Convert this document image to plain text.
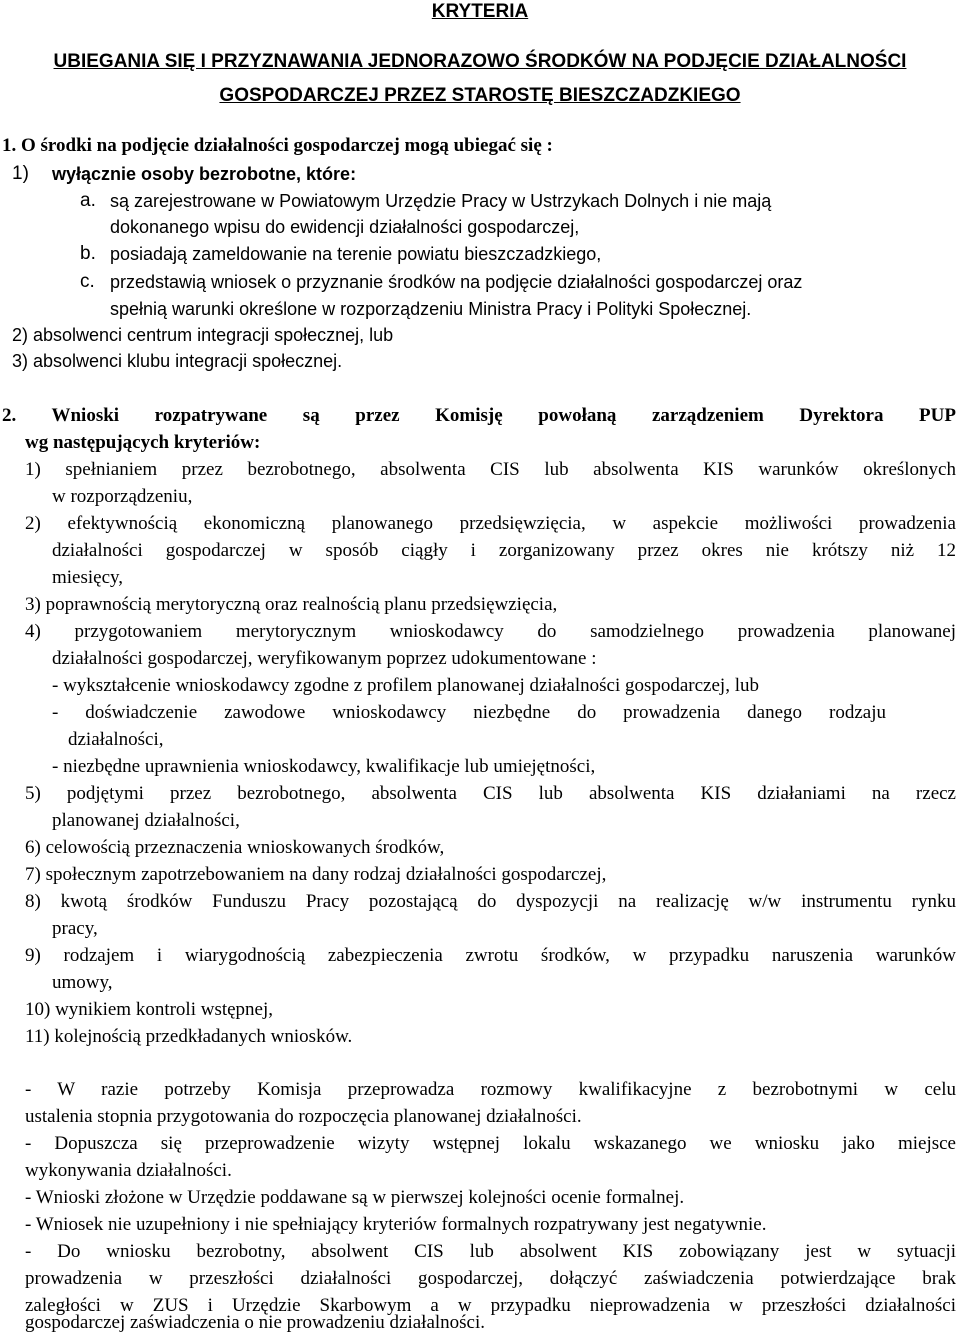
KRYTERIA
UBIEGANIA SIĘ I PRZYZNAWANIA JEDNORAZOWO ŚRODKÓW NA PODJĘCIE DZIAŁALNOŚCI
GOSPODARCZEJ PRZEZ STAROSTĘ BIESZCZADZKIEGO
1. O środki na podjęcie działalności gospodarczej mogą ubiegać się :
1) wyłącznie osoby bezrobotne, które:
a. są zarejestrowane w Powiatowym Urzędzie Pracy w Ustrzykach Dolnych i nie mają
dokonanego wpisu do ewidencji działalności gospodarczej,
b. posiadają zameldowanie na terenie powiatu bieszczadzkiego,
c. przedstawią wniosek o przyznanie środków na podjęcie działalności gospodarczej oraz
spełnią warunki określone w rozporządzeniu Ministra Pracy i Polityki Społecznej.
2) absolwenci centrum integracji społecznej, lub
3) absolwenci klubu integracji społecznej.
2. Wnioski rozpatrywane są przez Komisję powołaną zarządzeniem Dyrektora PUP
wg następujących kryteriów:
1) spełnianiem przez bezrobotnego, absolwenta CIS lub absolwenta KIS warunków określonych
w rozporządzeniu,
2) efektywnością ekonomiczną planowanego przedsięwzięcia, w aspekcie możliwości prowadzenia
działalności gospodarczej w sposób ciągły i zorganizowany przez okres nie krótszy niż 12
miesięcy,
3) poprawnością merytoryczną oraz realnością planu przedsięwzięcia,
4) przygotowaniem merytorycznym wnioskodawcy do samodzielnego prowadzenia planowanej
działalności gospodarczej, weryfikowanym poprzez udokumentowane :
- wykształcenie wnioskodawcy zgodne z profilem planowanej działalności gospodarczej, lub
- doświadczenie zawodowe wnioskodawcy niezbędne do prowadzenia danego rodzaju
działalności,
- niezbędne uprawnienia wnioskodawcy, kwalifikacje lub umiejętności,
5) podjętymi przez bezrobotnego, absolwenta CIS lub absolwenta KIS działaniami na rzecz
planowanej działalności,
6) celowością przeznaczenia wnioskowanych środków,
7) społecznym zapotrzebowaniem na dany rodzaj działalności gospodarczej,
8) kwotą środków Funduszu Pracy pozostającą do dyspozycji na realizację w/w instrumentu rynku
pracy,
9) rodzajem i wiarygodnością zabezpieczenia zwrotu środków, w przypadku naruszenia warunków
umowy,
10) wynikiem kontroli wstępnej,
11) kolejnością przedkładanych wniosków.
- W razie potrzeby Komisja przeprowadza rozmowy kwalifikacyjne z bezrobotnymi w celu
ustalenia stopnia przygotowania do rozpoczęcia planowanej działalności.
- Dopuszcza się przeprowadzenie wizyty wstępnej lokalu wskazanego we wniosku jako miejsce
wykonywania działalności.
- Wnioski złożone w Urzędzie poddawane są w pierwszej kolejności ocenie formalnej.
- Wniosek nie uzupełniony i nie spełniający kryteriów formalnych rozpatrywany jest negatywnie.
- Do wniosku bezrobotny, absolwent CIS lub absolwent KIS zobowiązany jest w sytuacji
prowadzenia w przeszłości działalności gospodarczej, dołączyć zaświadczenia potwierdzające brak
zaległości w ZUS i Urzędzie Skarbowym a w przypadku nieprowadzenia w przeszłości działalności
gospodarczej zaświadczenia o nie prowadzeniu działalności.
